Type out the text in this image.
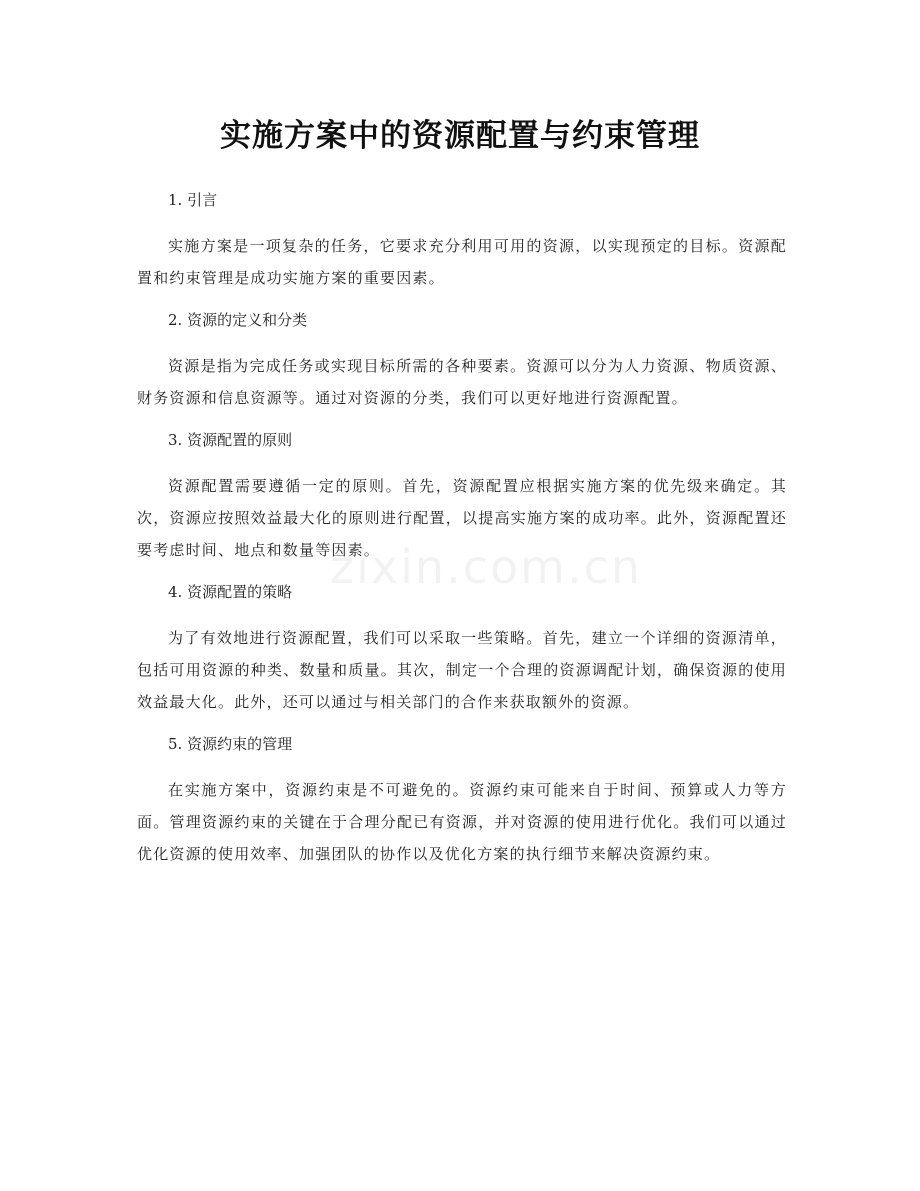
zixin.com.cn
实施方案中的资源配置与约束管理

1. 引言

实施方案是一项复杂的任务，它要求充分利用可用的资源，以实现预定的目标。资源配置和约束管理是成功实施方案的重要因素。

2. 资源的定义和分类

资源是指为完成任务或实现目标所需的各种要素。资源可以分为人力资源、物质资源、财务资源和信息资源等。通过对资源的分类，我们可以更好地进行资源配置。

3. 资源配置的原则

资源配置需要遵循一定的原则。首先，资源配置应根据实施方案的优先级来确定。其次，资源应按照效益最大化的原则进行配置，以提高实施方案的成功率。此外，资源配置还要考虑时间、地点和数量等因素。

4. 资源配置的策略

为了有效地进行资源配置，我们可以采取一些策略。首先，建立一个详细的资源清单，包括可用资源的种类、数量和质量。其次，制定一个合理的资源调配计划，确保资源的使用效益最大化。此外，还可以通过与相关部门的合作来获取额外的资源。

5. 资源约束的管理

在实施方案中，资源约束是不可避免的。资源约束可能来自于时间、预算或人力等方面。管理资源约束的关键在于合理分配已有资源，并对资源的使用进行优化。我们可以通过优化资源的使用效率、加强团队的协作以及优化方案的执行细节来解决资源约束。
